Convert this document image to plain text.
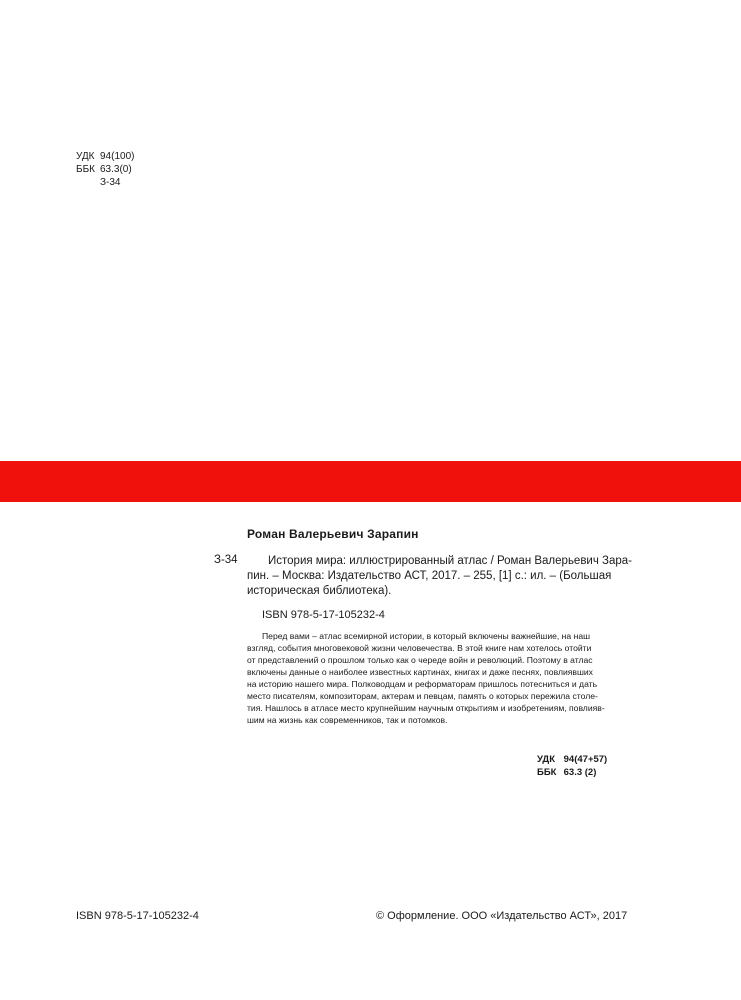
УДК 94(100)
ББК 63.3(0)
З-34
Роман Валерьевич Зарапин
З-34	История мира: иллюстрированный атлас / Роман Валерьевич Зара-
пин. – Москва: Издательство АСТ, 2017. – 255, [1] с.: ил. – (Большая
историческая библиотека).
ISBN 978-5-17-105232-4
Перед вами – атлас всемирной истории, в который включены важнейшие, на наш
взгляд, события многовековой жизни человечества. В этой книге нам хотелось отойти
от представлений о прошлом только как о череде войн и революций. Поэтому в атлас
включены данные о наиболее известных картинах, книгах и даже песнях, повлиявших
на историю нашего мира. Полководцам и реформаторам пришлось потесниться и дать
место писателям, композиторам, актерам и певцам, память о которых пережила столе-
тия. Нашлось в атласе место крупнейшим научным открытиям и изобретениям, повлияв-
шим на жизнь как современников, так и потомков.
УДК 94(47+57)
ББК 63.3 (2)
ISBN 978-5-17-105232-4	© Оформление. ООО «Издательство АСТ», 2017
